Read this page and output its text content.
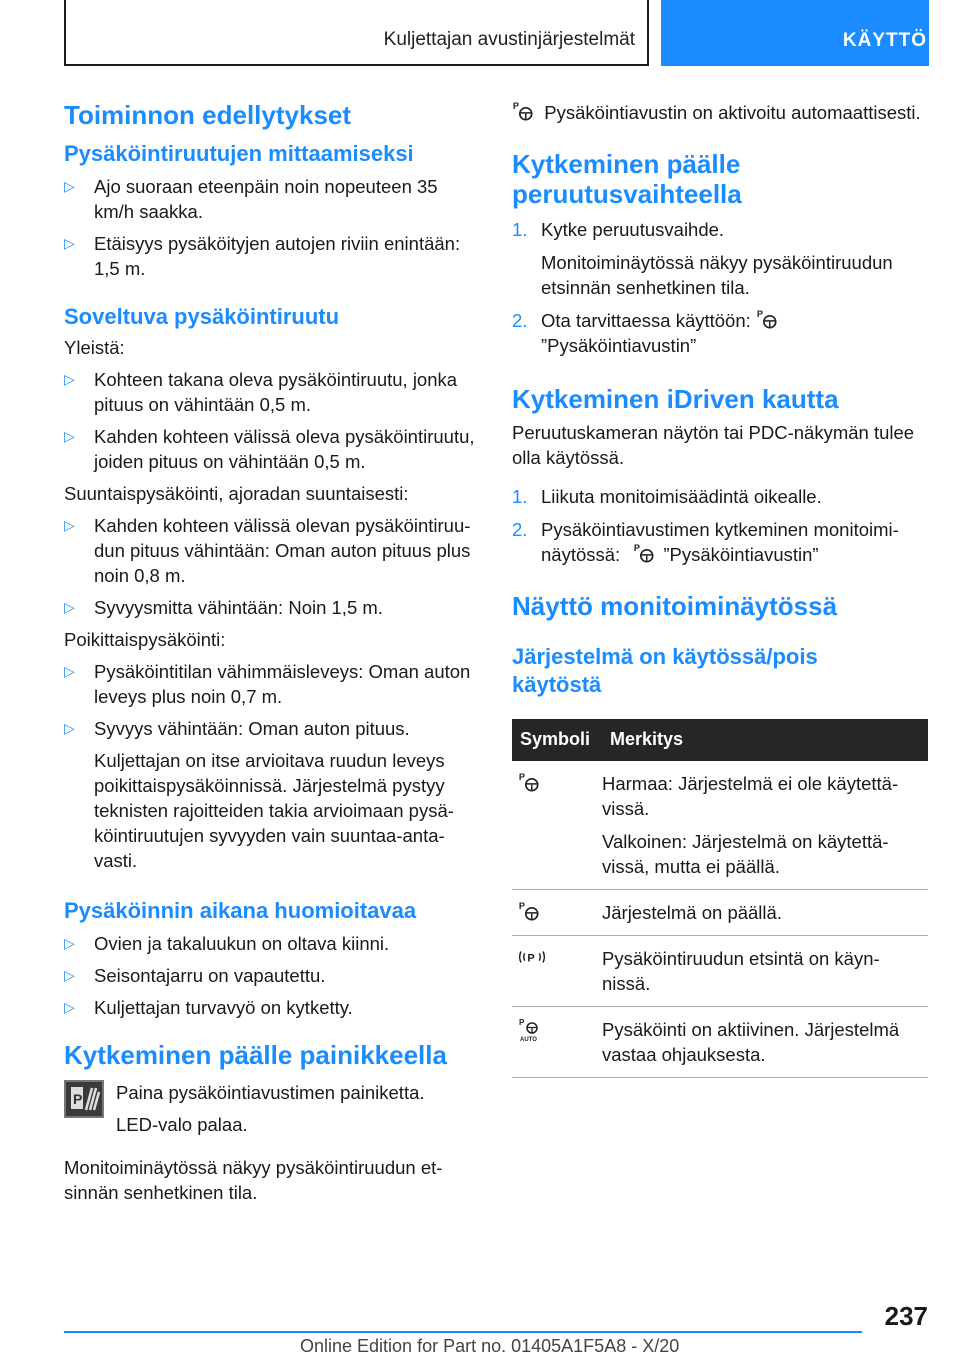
Kuljettajan avustinjärjestelmät	KÄYTTÖ
Toiminnon edellytykset
Pysäköintiruutujen mittaamiseksi
▷ Ajo suoraan eteenpäin noin nopeuteen 35 km/h saakka.
▷ Etäisyys pysäköityjen autojen riviin enintään: 1,5 m.
Soveltuva pysäköintiruutu

Yleistä:

▷ Kohteen takana oleva pysäköintiruutu, jonka pituus on vähintään 0,5 m.
▷ Kahden kohteen välissä oleva pysäköintiruutu, joiden pituus on vähintään 0,5 m.

Suuntaispysäköinti, ajoradan suuntaisesti:

▷ Kahden kohteen välissä olevan pysäköintiruudun pituus vähintään: Oman auton pituus plus noin 0,8 m.
▷ Syvyysmitta vähintään: Noin 1,5 m.

Poikittaispysäköinti:

▷ Pysäköintitilan vähimmäisleveys: Oman auton leveys plus noin 0,7 m.
▷ Syvyys vähintään: Oman auton pituus.

Kuljettajan on itse arvioitava ruudun leveys poikittaispysäköinnissä. Järjestelmä pystyy teknisten rajoitteiden takia arvioimaan pysäköintiruutujen syvyyden vain suuntaa-antavasti.

Pysäköinnin aikana huomioitavaa
▷ Ovien ja takaluukun on oltava kiinni.
▷ Seisontajarru on vapautettu.
▷ Kuljettajan turvavyö on kytketty.
Kytkeminen päälle painikkeella
P Paina pysäköintiavustimen painiketta.

LED-valo palaa.

Monitoiminäytössä näkyy pysäköintiruudun etsinnän senhetkinen tila.

P Pysäköintiavustin on aktivoitu automaattisesti.

Kytkeminen päälle peruutusvaihteella
1. Kytke peruutusvaihde.

Monitoiminäytössä näkyy pysäköintiruudun etsinnän senhetkinen tila.

2. Ota tarvittaessa käyttöön: P

”Pysäköintiavustin”
Kytkeminen iDriven kautta

Peruutuskameran näytön tai PDC-näkymän tulee olla käytössä.

1. Liikuta monitoimisäädintä oikealle.
2. Pysäköintiavustimen kytkeminen monitoiminäytössä: P ”Pysäköintiavustin”
Näyttö monitoiminäytössä
Järjestelmä on käytössä/pois käytöstä
Symboli	Merkitys

P	Harmaa: Järjestelmä ei ole käytettävissä.

Valkoinen: Järjestelmä on käytettävissä, mutta ei päällä.

P	Järjestelmä on päällä.

P	Pysäköintiruudun etsintä on käynnissä.

P
AUTO	Pysäköinti on aktiivinen. Järjestelmä vastaa ohjauksesta.

237
Online Edition for Part no. 01405A1F5A8 - X/20
